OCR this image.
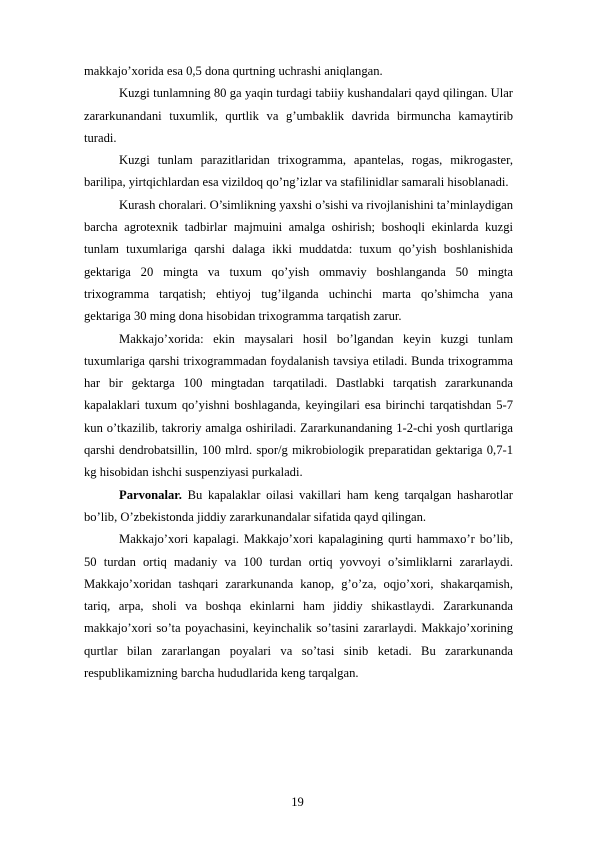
makkajo’xorida esa 0,5 dona qurtning uchrashi aniqlangan.

Kuzgi tunlamning 80 ga yaqin turdagi tabiiy kushandalari qayd qilingan. Ular zararkunandani tuxumlik, qurtlik va g’umbaklik davrida birmuncha kamaytirib turadi.

Kuzgi tunlam parazitlaridan trixogramma, apantelas, rogas, mikrogaster, barilipa, yirtqichlardan esa vizildoq qo’ng’izlar va stafilinidlar samarali hisoblanadi.

Kurash choralari. O’simlikning yaxshi o’sishi va rivojlanishini ta’minlaydigan barcha agrotexnik tadbirlar majmuini amalga oshirish; boshoqli ekinlarda kuzgi tunlam tuxumlariga qarshi dalaga ikki muddatda: tuxum qo’yish boshlanishida gektariga 20 mingta va tuxum qo’yish ommaviy boshlanganda 50 mingta trixogramma tarqatish; ehtiyoj tug’ilganda uchinchi marta qo’shimcha yana gektariga 30 ming dona hisobidan trixogramma tarqatish zarur.

Makkajo’xorida: ekin maysalari hosil bo’lgandan keyin kuzgi tunlam tuxumlariga qarshi trixogrammadan foydalanish tavsiya etiladi. Bunda trixogramma har bir gektarga 100 mingtadan tarqatiladi. Dastlabki tarqatish zararkunanda kapalaklari tuxum qo’yishni boshlaganda, keyingilari esa birinchi tarqatishdan 5-7 kun o’tkazilib, takroriy amalga oshiriladi. Zararkunandaning 1-2-chi yosh qurtlariga qarshi dendrobatsillin, 100 mlrd. spor/g mikrobiologik preparatidan gektariga 0,7-1 kg hisobidan ishchi suspenziyasi purkaladi.

Parvonalar. Bu kapalaklar oilasi vakillari ham keng tarqalgan hasharotlar bo’lib, O’zbekistonda jiddiy zararkunandalar sifatida qayd qilingan.

Makkajo’xori kapalagi. Makkajo’xori kapalagining qurti hammaxo’r bo’lib, 50 turdan ortiq madaniy va 100 turdan ortiq yovvoyi o’simliklarni zararlaydi. Makkajo’xoridan tashqari zararkunanda kanop, g’o’za, oqjo’xori, shakarqamish, tariq, arpa, sholi va boshqa ekinlarni ham jiddiy shikastlaydi. Zararkunanda makkajo’xori so’ta poyachasini, keyinchalik so’tasini zararlaydi. Makkajo’xorining qurtlar bilan zararlangan poyalari va so’tasi sinib ketadi. Bu zararkunanda respublikamizning barcha hududlarida keng tarqalgan.

19
